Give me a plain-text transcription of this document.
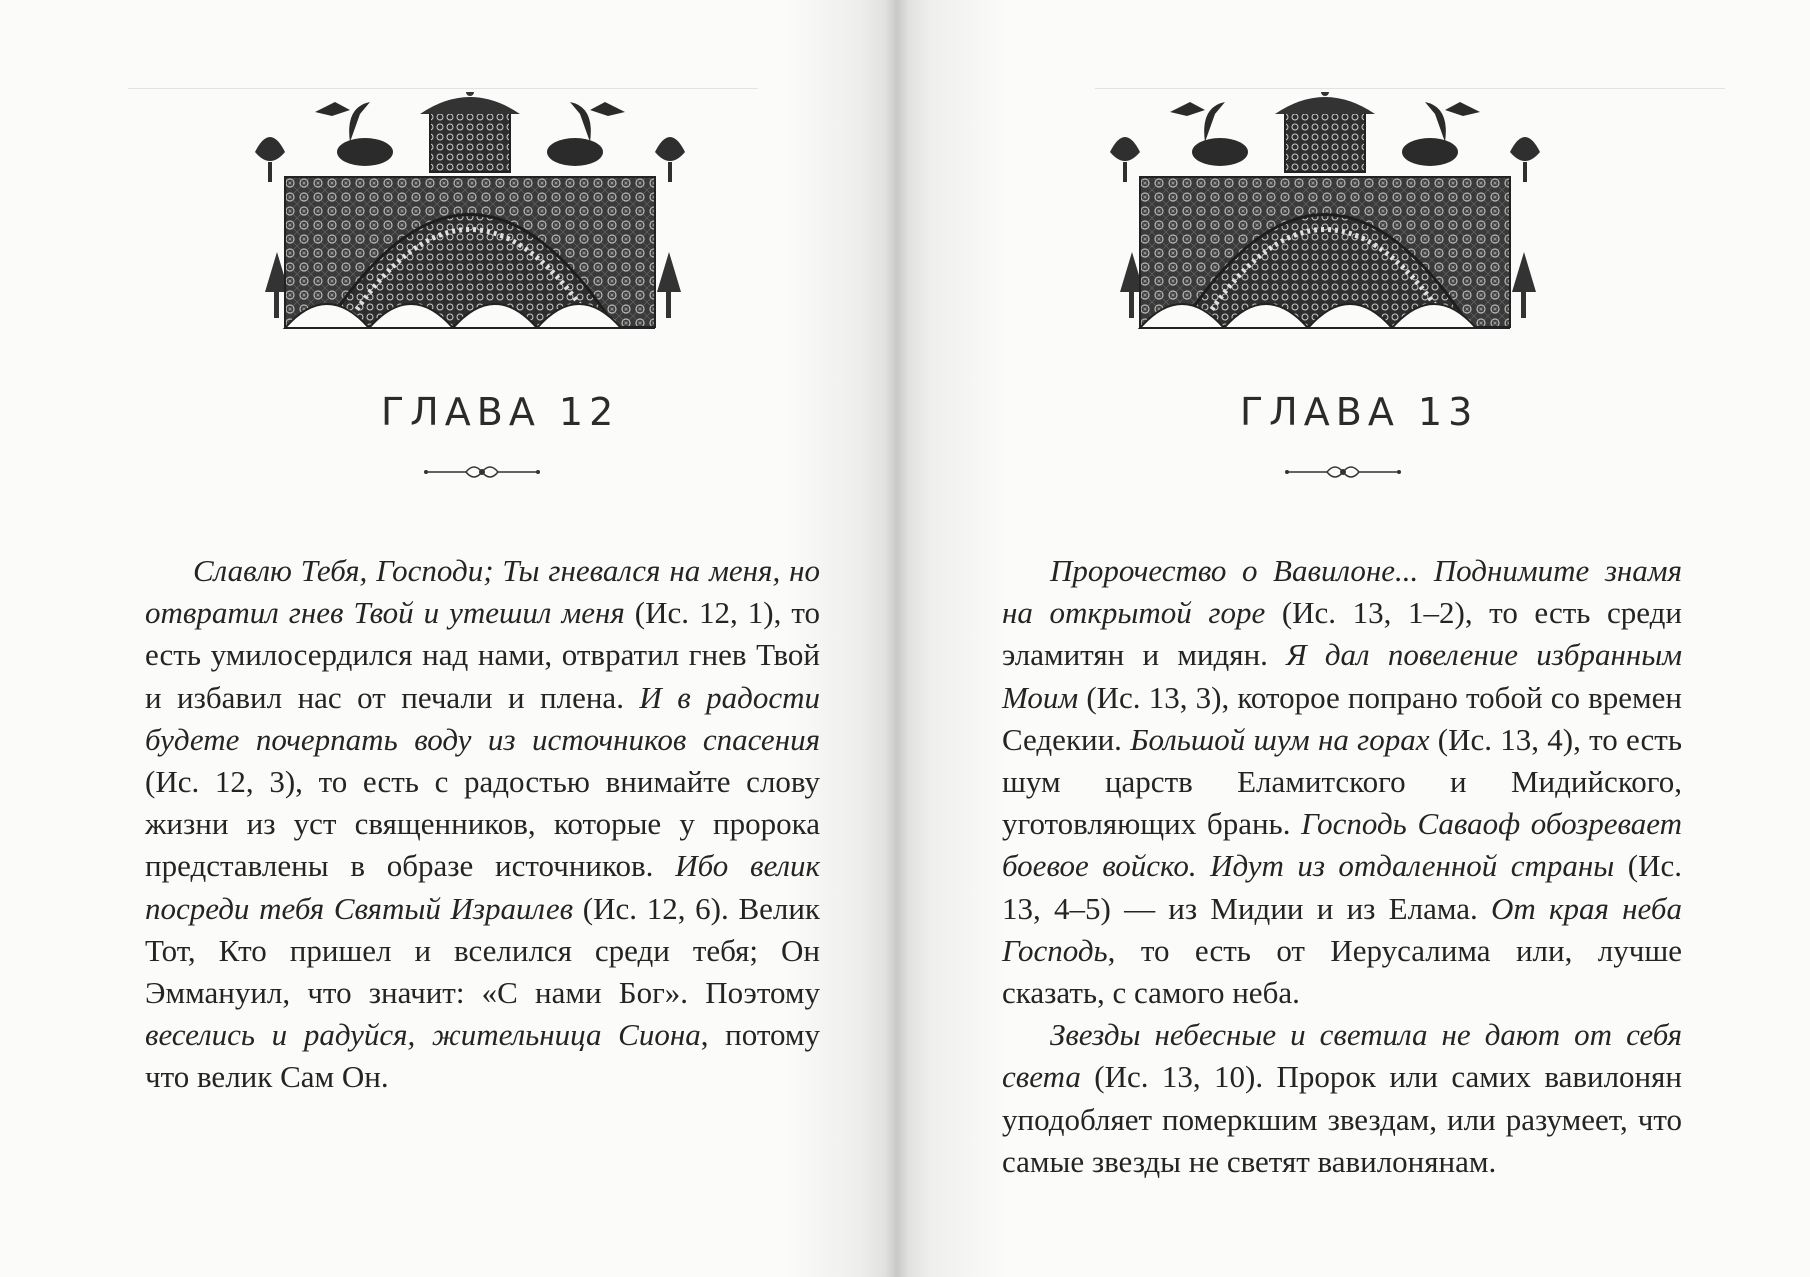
ГЛАВА 12

Славлю Тебя, Господи; Ты гневался на меня, но отвратил гнев Твой и утешил меня (Ис. 12, 1), то есть умилосердился над нами, отвратил гнев Твой и избавил нас от печали и плена. И в радости будете почерпать воду из источников спасения (Ис. 12, 3), то есть с радостью внимайте слову жизни из уст священников, которые у пророка представлены в образе источников. Ибо велик посреди тебя Святый Израилев (Ис. 12, 6). Велик Тот, Кто пришел и вселился среди тебя; Он Эммануил, что значит: «С нами Бог». Поэтому веселись и радуйся, жительница Сиона, потому что велик Сам Он.

ГЛАВА 13

Пророчество о Вавилоне... Поднимите знамя на открытой горе (Ис. 13, 1–2), то есть среди эламитян и мидян. Я дал повеление избранным Моим (Ис. 13, 3), которое попрано тобой со времен Седекии. Большой шум на горах (Ис. 13, 4), то есть шум царств Еламитского и Мидийского, уготовляющих брань. Господь Саваоф обозревает боевое войско. Идут из отдаленной страны (Ис. 13, 4–5) — из Мидии и из Елама. От края неба Господь, то есть от Иерусалима или, лучше сказать, с самого неба.

Звезды небесные и светила не дают от себя света (Ис. 13, 10). Пророк или самих вавилонян уподобляет померкшим звездам, или разумеет, что самые звезды не светят вавилонянам.
